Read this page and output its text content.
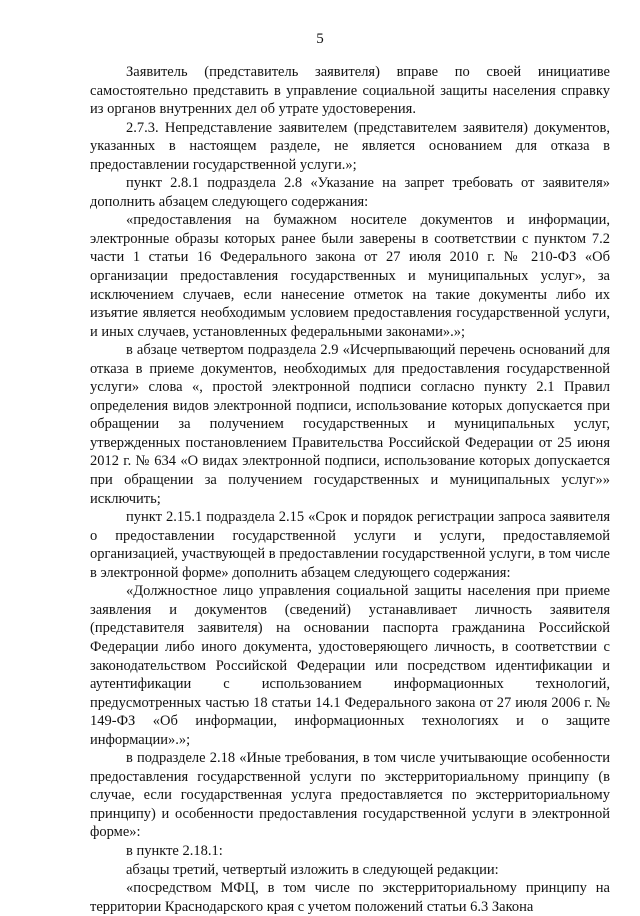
5

Заявитель (представитель заявителя) вправе по своей инициативе самостоятельно представить в управление социальной защиты населения справку из органов внутренних дел об утрате удостоверения.

2.7.3. Непредставление заявителем (представителем заявителя) документов, указанных в настоящем разделе, не является основанием для отказа в предоставлении государственной услуги.»;

пункт 2.8.1 подраздела 2.8 «Указание на запрет требовать от заявителя» дополнить абзацем следующего содержания:

«предоставления на бумажном носителе документов и информации, электронные образы которых ранее были заверены в соответствии с пунктом 7.2 части 1 статьи 16 Федерального закона от 27 июля 2010 г. № 210-ФЗ «Об организации предоставления государственных и муниципальных услуг», за исключением случаев, если нанесение отметок на такие документы либо их изъятие является необходимым условием предоставления государственной услуги, и иных случаев, установленных федеральными законами».»;

в абзаце четвертом подраздела 2.9 «Исчерпывающий перечень оснований для отказа в приеме документов, необходимых для предоставления государственной услуги» слова «, простой электронной подписи согласно пункту 2.1 Правил определения видов электронной подписи, использование которых допускается при обращении за получением государственных и муниципальных услуг, утвержденных постановлением Правительства Российской Федерации от 25 июня 2012 г. № 634 «О видах электронной подписи, использование которых допускается при обращении за получением государственных и муниципальных услуг»» исключить;

пункт 2.15.1 подраздела 2.15 «Срок и порядок регистрации запроса заявителя о предоставлении государственной услуги и услуги, предоставляемой организацией, участвующей в предоставлении государственной услуги, в том числе в электронной форме» дополнить абзацем следующего содержания:

«Должностное лицо управления социальной защиты населения при приеме заявления и документов (сведений) устанавливает личность заявителя (представителя заявителя) на основании паспорта гражданина Российской Федерации либо иного документа, удостоверяющего личность, в соответствии с законодательством Российской Федерации или посредством идентификации и аутентификации с использованием информационных технологий, предусмотренных частью 18 статьи 14.1 Федерального закона от 27 июля 2006 г. № 149-ФЗ «Об информации, информационных технологиях и о защите информации».»;

в подразделе 2.18 «Иные требования, в том числе учитывающие особенности предоставления государственной услуги по экстерриториальному принципу (в случае, если государственная услуга предоставляется по экстерриториальному принципу) и особенности предоставления государственной услуги в электронной форме»:

в пункте 2.18.1:

абзацы третий, четвертый изложить в следующей редакции:

«посредством МФЦ, в том числе по экстерриториальному принципу на территории Краснодарского края с учетом положений статьи 6.3 Закона
